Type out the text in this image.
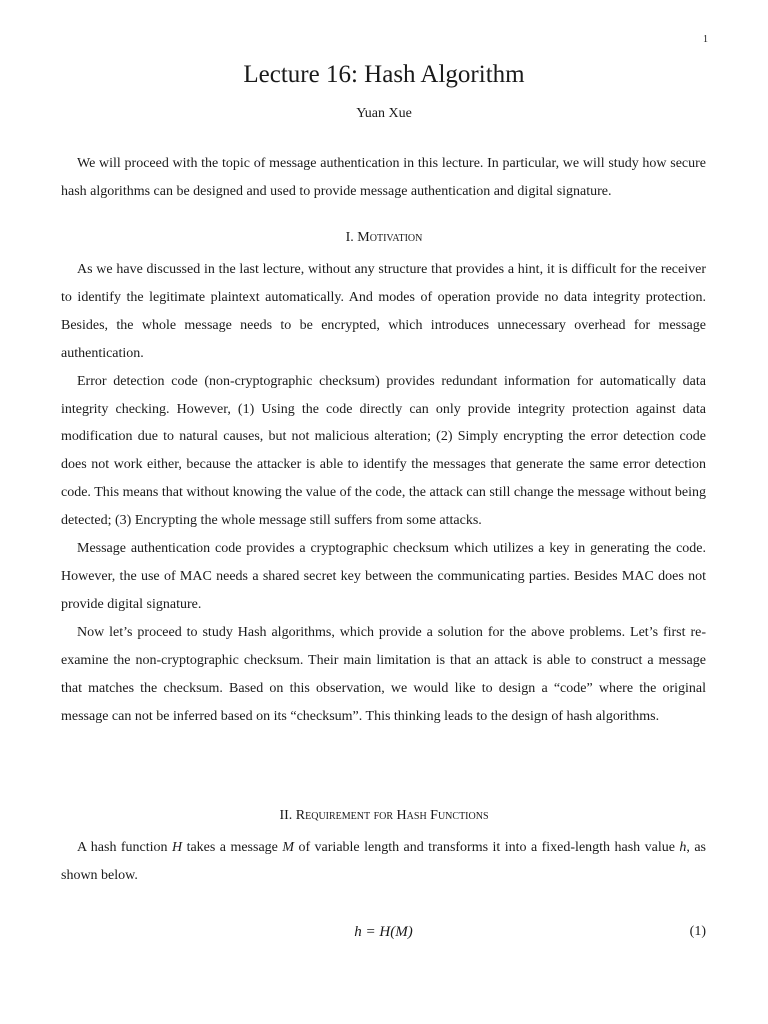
1
Lecture 16: Hash Algorithm
Yuan Xue

We will proceed with the topic of message authentication in this lecture. In particular, we will study how secure hash algorithms can be designed and used to provide message authentication and digital signature.

I. Motivation

As we have discussed in the last lecture, without any structure that provides a hint, it is difficult for the receiver to identify the legitimate plaintext automatically. And modes of operation provide no data integrity protection. Besides, the whole message needs to be encrypted, which introduces unnecessary overhead for message authentication.

Error detection code (non-cryptographic checksum) provides redundant information for automatically data integrity checking. However, (1) Using the code directly can only provide integrity protection against data modification due to natural causes, but not malicious alteration; (2) Simply encrypting the error detection code does not work either, because the attacker is able to identify the messages that generate the same error detection code. This means that without knowing the value of the code, the attack can still change the message without being detected; (3) Encrypting the whole message still suffers from some attacks.

Message authentication code provides a cryptographic checksum which utilizes a key in generating the code. However, the use of MAC needs a shared secret key between the communicating parties. Besides MAC does not provide digital signature.

Now let’s proceed to study Hash algorithms, which provide a solution for the above problems. Let’s first re-examine the non-cryptographic checksum. Their main limitation is that an attack is able to construct a message that matches the checksum. Based on this observation, we would like to design a “code” where the original message can not be inferred based on its “checksum”. This thinking leads to the design of hash algorithms.

II. Requirement for Hash Functions

A hash function H takes a message M of variable length and transforms it into a fixed-length hash value h, as shown below.

h = H(M)	(1)
